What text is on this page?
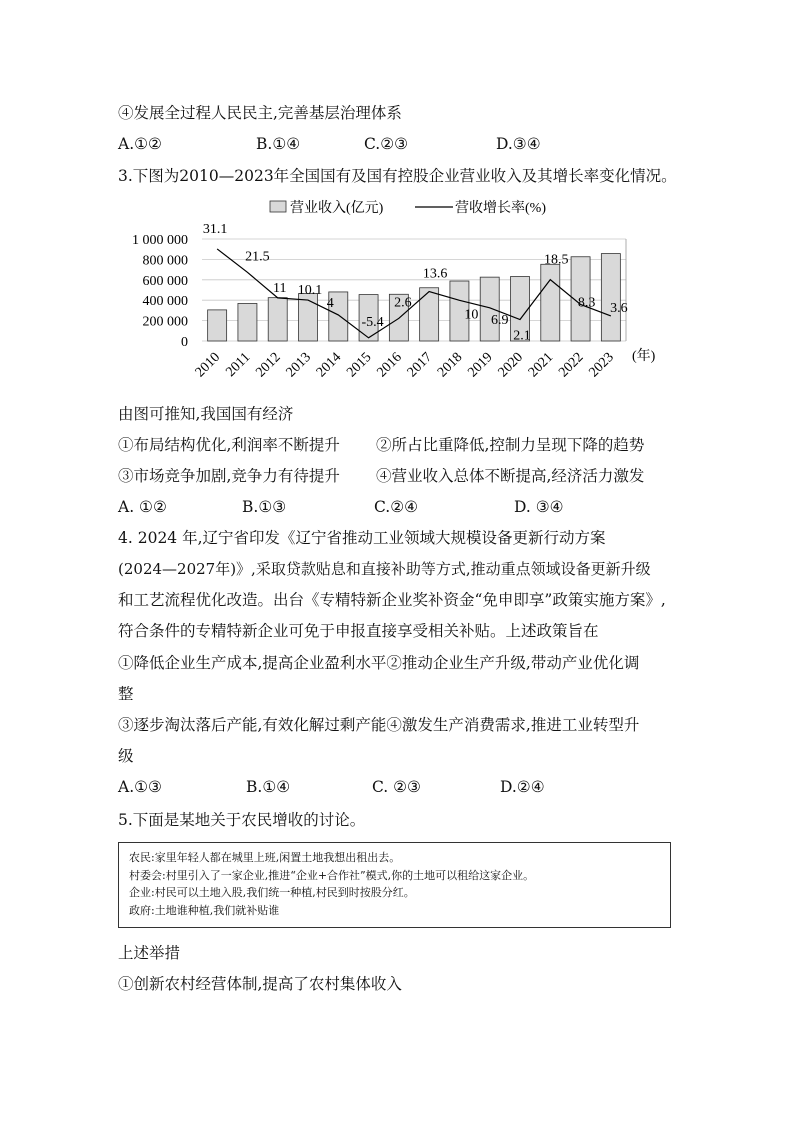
④发展全过程人民民主,完善基层治理体系
A.①②	B.①④	C.②③	D.③④
3.下图为2010—2023年全国国有及国有控股企业营业收入及其增长率变化情况。
营业收入(亿元)	营收增长率(%)
1 000 000
800 000
600 000
400 000
200 000
0
2010 2011 2012 2013 2014 2015 2016 2017 2018 2019 2020 2021 2022 2023
31.1
21.5
11 10.1
4
-5.4
2.6
13.6
10 6.9
2.1
18.5
8.3 3.6
(年)
由图可推知,我国国有经济
①布局结构优化,利润率不断提升 ②所占比重降低,控制力呈现下降的趋势
③市场竞争加剧,竞争力有待提升 ④营业收入总体不断提高,经济活力激发
A. ①②	B.①③	C.②④	D. ③④
4. 2024 年,辽宁省印发《辽宁省推动工业领域大规模设备更新行动方案
(2024—2027年)》,采取贷款贴息和直接补助等方式,推动重点领域设备更新升级
和工艺流程优化改造。出台《专精特新企业奖补资金“免申即享”政策实施方案》,
符合条件的专精特新企业可免于申报直接享受相关补贴。上述政策旨在
①降低企业生产成本,提高企业盈利水平②推动企业生产升级,带动产业优化调
整
③逐步淘汰落后产能,有效化解过剩产能④激发生产消费需求,推进工业转型升
级
A.①③	B.①④	C. ②③	D.②④
5.下面是某地关于农民增收的讨论。
农民:家里年轻人都在城里上班,闲置土地我想出租出去。
村委会:村里引入了一家企业,推进“企业+合作社”模式,你的土地可以租给这家企业。
企业:村民可以土地入股,我们统一种植,村民到时按股分红。
政府:土地谁种植,我们就补贴谁
上述举措
①创新农村经营体制,提高了农村集体收入
